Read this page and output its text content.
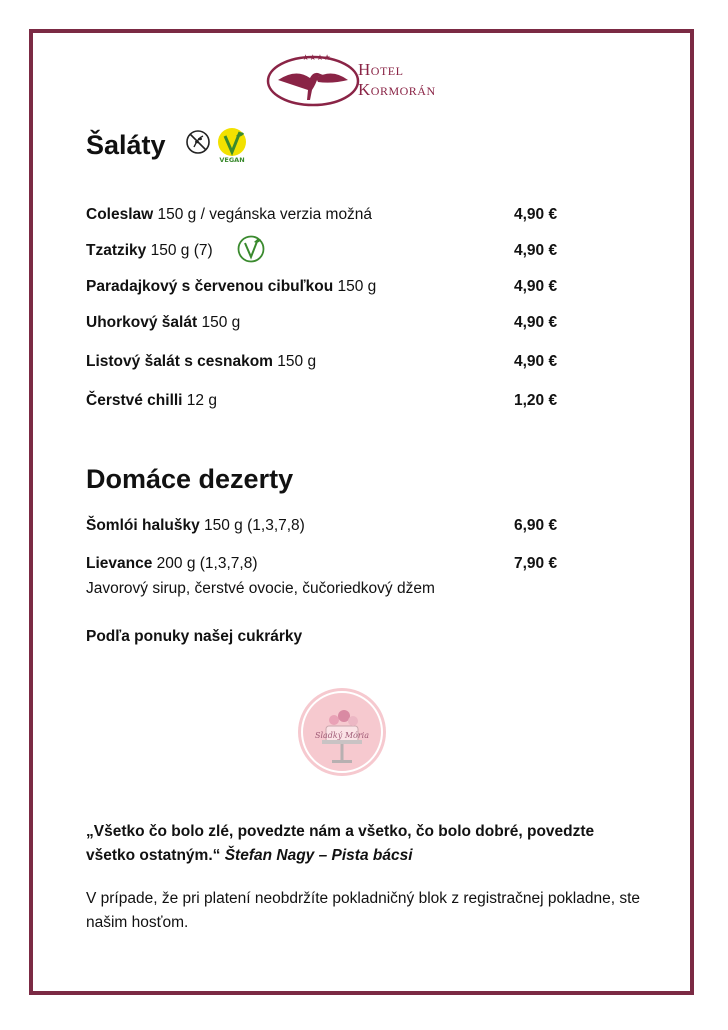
★★★★
Hotel
Kormorán
Šaláty	VEGAN
Coleslaw 150 g / vegánska verzia možná	4,90 €
Tzatziky 150 g (7)	4,90 €
Paradajkový s červenou cibuľkou 150 g	4,90 €
Uhorkový šalát 150 g	4,90 €
Listový šalát s cesnakom 150 g	4,90 €
Čerstvé chilli 12 g	1,20 €
Domáce dezerty
Šomlói halušky 150 g (1,3,7,8)	6,90 €
Lievance 200 g (1,3,7,8)	7,90 €
Javorový sirup, čerstvé ovocie, čučoriedkový džem
Podľa ponuky našej cukrárky
Sladký Mória
„Všetko čo bolo zlé, povedzte nám a všetko, čo bolo dobré, povedzte všetko ostatným.“ Štefan Nagy – Pista bácsi
V prípade, že pri platení neobdržíte pokladničný blok z registračnej pokladne, ste našim hosťom.
